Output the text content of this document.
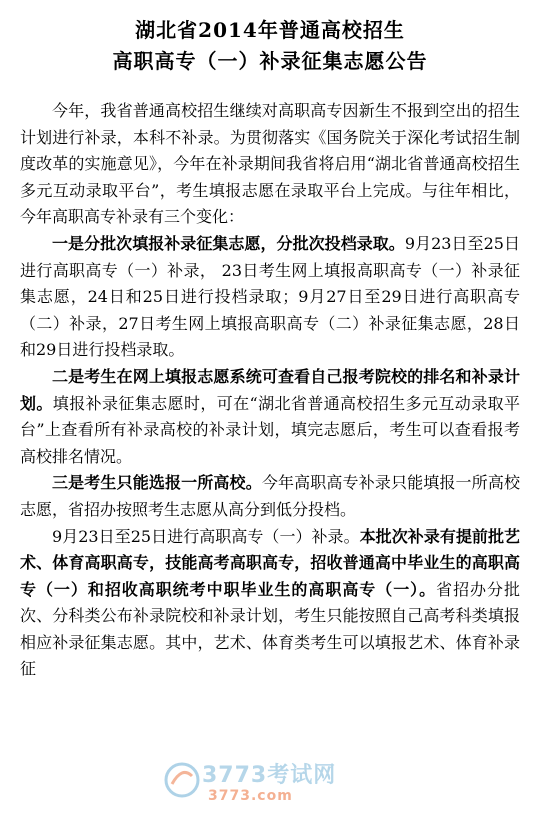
湖北省2014年普通高校招生
高职高专（一）补录征集志愿公告

今年，我省普通高校招生继续对高职高专因新生不报到空出的招生计划进行补录，本科不补录。为贯彻落实《国务院关于深化考试招生制度改革的实施意见》，今年在补录期间我省将启用“湖北省普通高校招生多元互动录取平台”，考生填报志愿在录取平台上完成。与往年相比，今年高职高专补录有三个变化：

一是分批次填报补录征集志愿，分批次投档录取。9月23日至25日进行高职高专（一）补录， 23日考生网上填报高职高专（一）补录征集志愿，24日和25日进行投档录取；9月27日至29日进行高职高专（二）补录，27日考生网上填报高职高专（二）补录征集志愿，28日和29日进行投档录取。

二是考生在网上填报志愿系统可查看自己报考院校的排名和补录计划。填报补录征集志愿时，可在“湖北省普通高校招生多元互动录取平台”上查看所有补录高校的补录计划，填完志愿后，考生可以查看报考高校排名情况。

三是考生只能选报一所高校。今年高职高专补录只能填报一所高校志愿，省招办按照考生志愿从高分到低分投档。

9月23日至25日进行高职高专（一）补录。本批次补录有提前批艺术、体育高职高专，技能高考高职高专，招收普通高中毕业生的高职高专（一）和招收高职统考中职毕业生的高职高专（一）。省招办分批次、分科类公布补录院校和补录计划，考生只能按照自己高考科类填报相应补录征集志愿。其中，艺术、体育类考生可以填报艺术、体育补录征

3773考试网
3773.com
